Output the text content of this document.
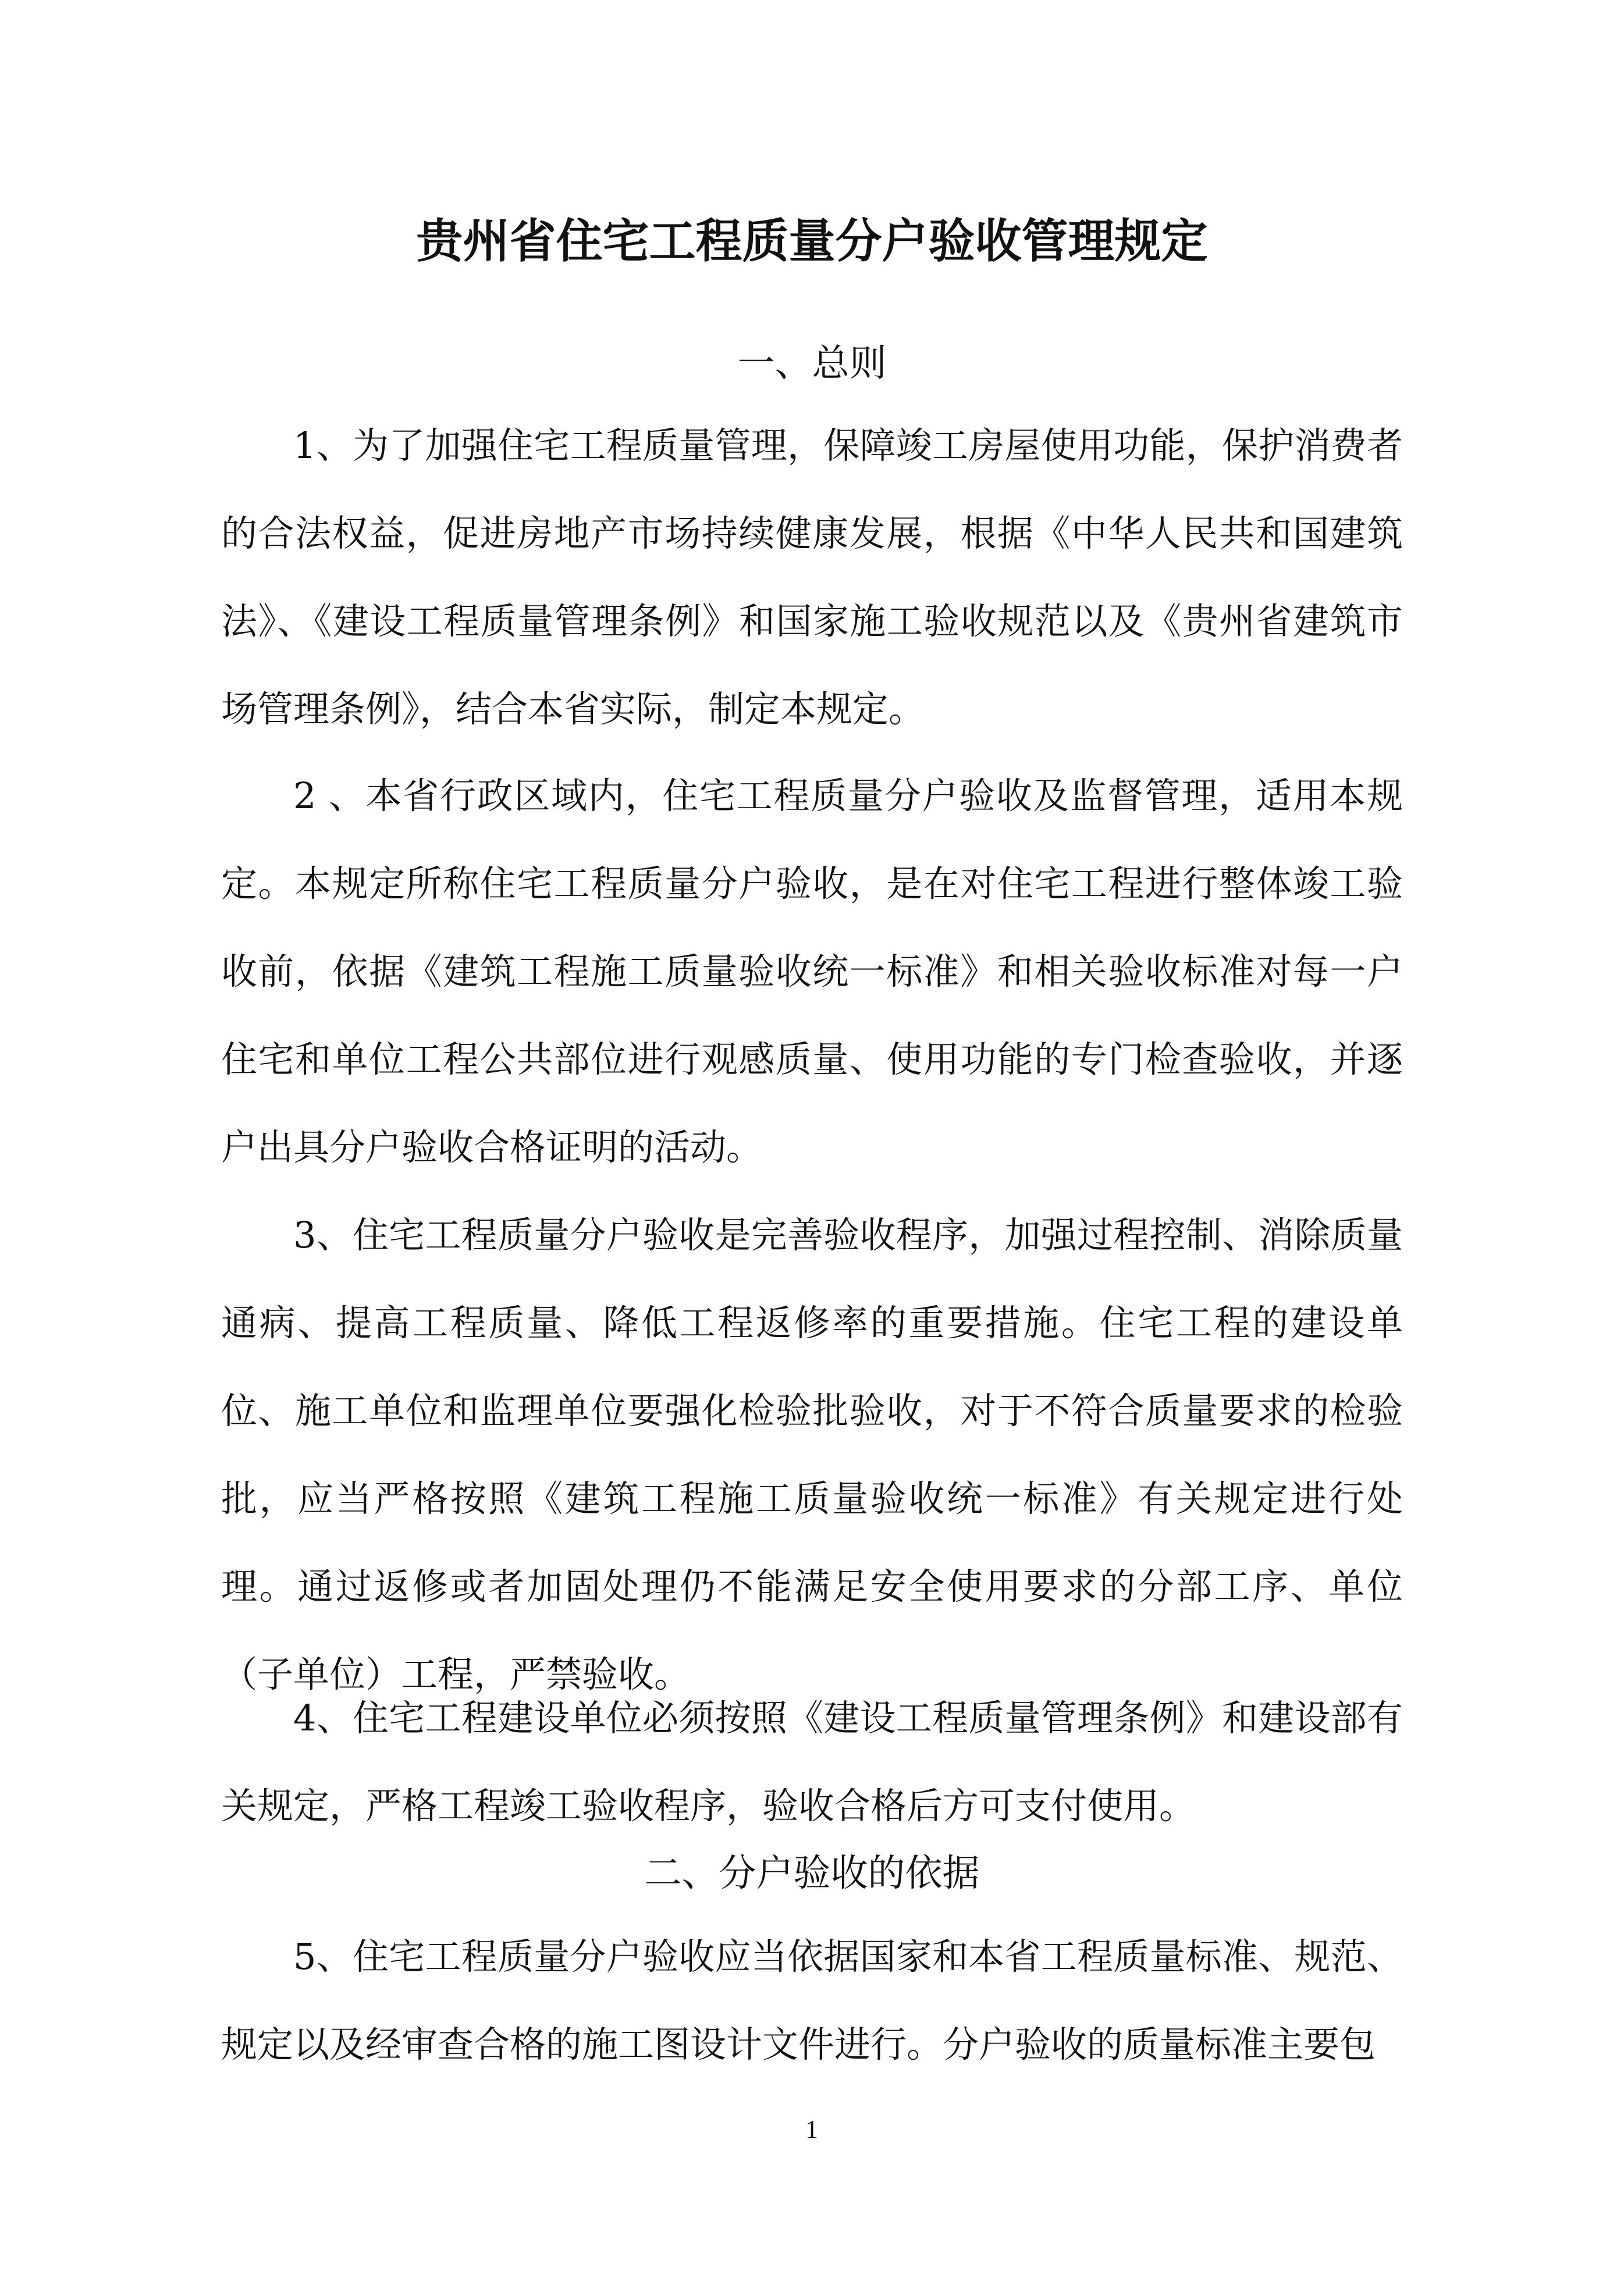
贵州省住宅工程质量分户验收管理规定
一、总则

1、为了加强住宅工程质量管理，保障竣工房屋使用功能，保护消费者的合法权益，促进房地产市场持续健康发展，根据《中华人民共和国建筑法》、《建设工程质量管理条例》和国家施工验收规范以及《贵州省建筑市场管理条例》，结合本省实际，制定本规定。

2 、本省行政区域内，住宅工程质量分户验收及监督管理，适用本规定。本规定所称住宅工程质量分户验收，是在对住宅工程进行整体竣工验收前，依据《建筑工程施工质量验收统一标准》和相关验收标准对每一户住宅和单位工程公共部位进行观感质量、使用功能的专门检查验收，并逐户出具分户验收合格证明的活动。

3、住宅工程质量分户验收是完善验收程序，加强过程控制、消除质量通病、提高工程质量、降低工程返修率的重要措施。住宅工程的建设单位、施工单位和监理单位要强化检验批验收，对于不符合质量要求的检验批，应当严格按照《建筑工程施工质量验收统一标准》有关规定进行处理。通过返修或者加固处理仍不能满足安全使用要求的分部工序、单位（子单位）工程，严禁验收。

4、住宅工程建设单位必须按照《建设工程质量管理条例》和建设部有关规定，严格工程竣工验收程序，验收合格后方可支付使用。

二、分户验收的依据

5、住宅工程质量分户验收应当依据国家和本省工程质量标准、规范、规定以及经审查合格的施工图设计文件进行。分户验收的质量标准主要包

1
